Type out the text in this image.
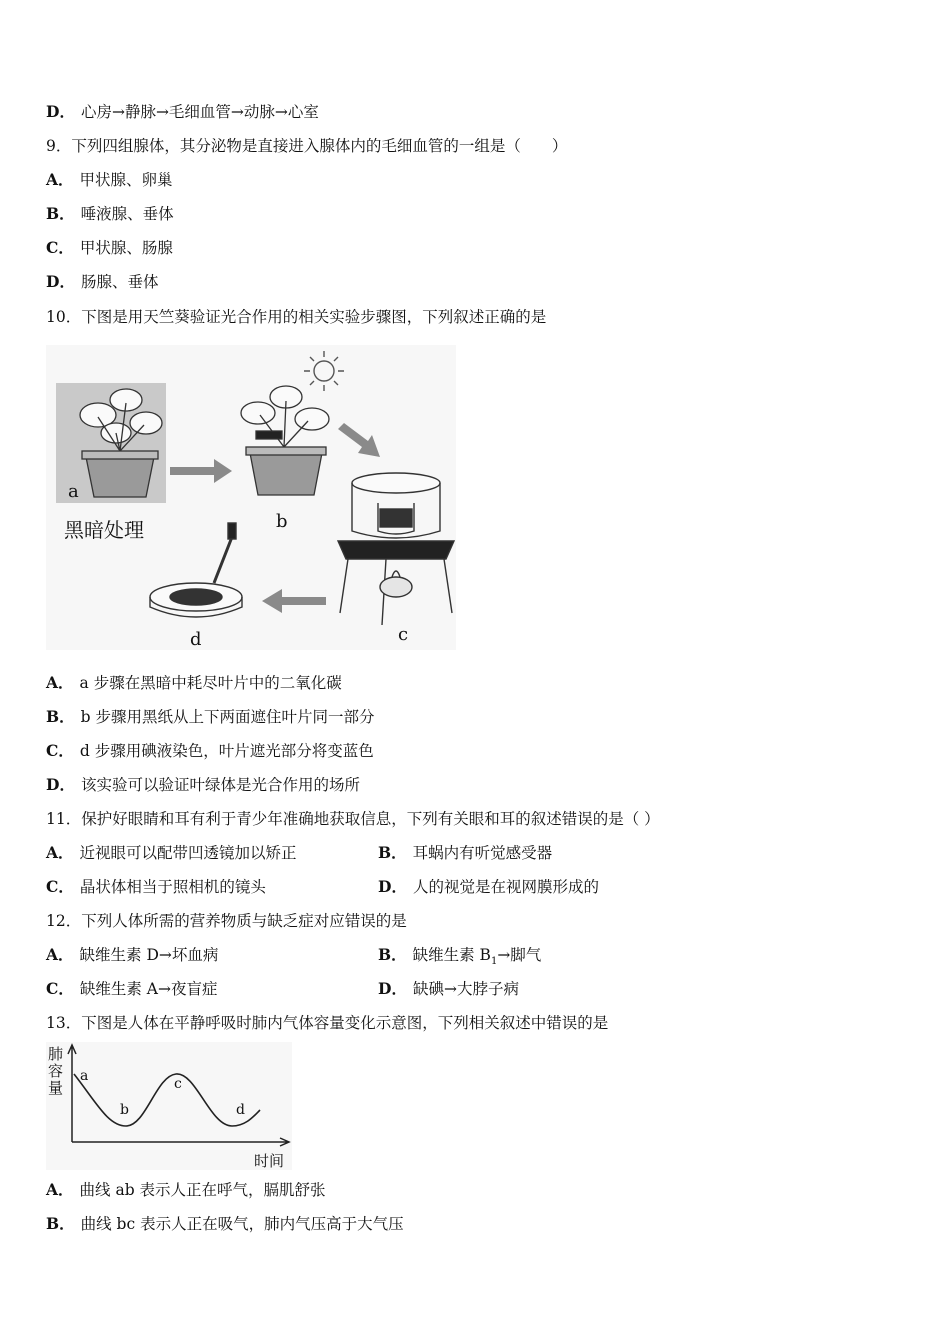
D． 心房→静脉→毛细血管→动脉→心室
9．下列四组腺体，其分泌物是直接进入腺体内的毛细血管的一组是（　　）
A． 甲状腺、卵巢
B． 唾液腺、垂体
C． 甲状腺、肠腺
D． 肠腺、垂体
10．下图是用天竺葵验证光合作用的相关实验步骤图，下列叙述正确的是
a
黑暗处理	b
c
d
A． a 步骤在黑暗中耗尽叶片中的二氧化碳
B． b 步骤用黑纸从上下两面遮住叶片同一部分
C． d 步骤用碘液染色，叶片遮光部分将变蓝色
D． 该实验可以验证叶绿体是光合作用的场所
11．保护好眼睛和耳有利于青少年准确地获取信息，下列有关眼和耳的叙述错误的是（ ）
A． 近视眼可以配带凹透镜加以矫正	B． 耳蜗内有听觉感受器
C． 晶状体相当于照相机的镜头	D． 人的视觉是在视网膜形成的
12．下列人体所需的营养物质与缺乏症对应错误的是
A． 缺维生素 D→坏血病	B． 缺维生素 $B_1\to$脚气
C． 缺维生素 A→夜盲症	D． 缺碘→大脖子病
13．下图是人体在平静呼吸时肺内气体容量变化示意图，下列相关叙述中错误的是
肺
容
量
a
b
c
d
时间
A． 曲线 ab 表示人正在呼气，膈肌舒张
B． 曲线 bc 表示人正在吸气，肺内气压高于大气压
